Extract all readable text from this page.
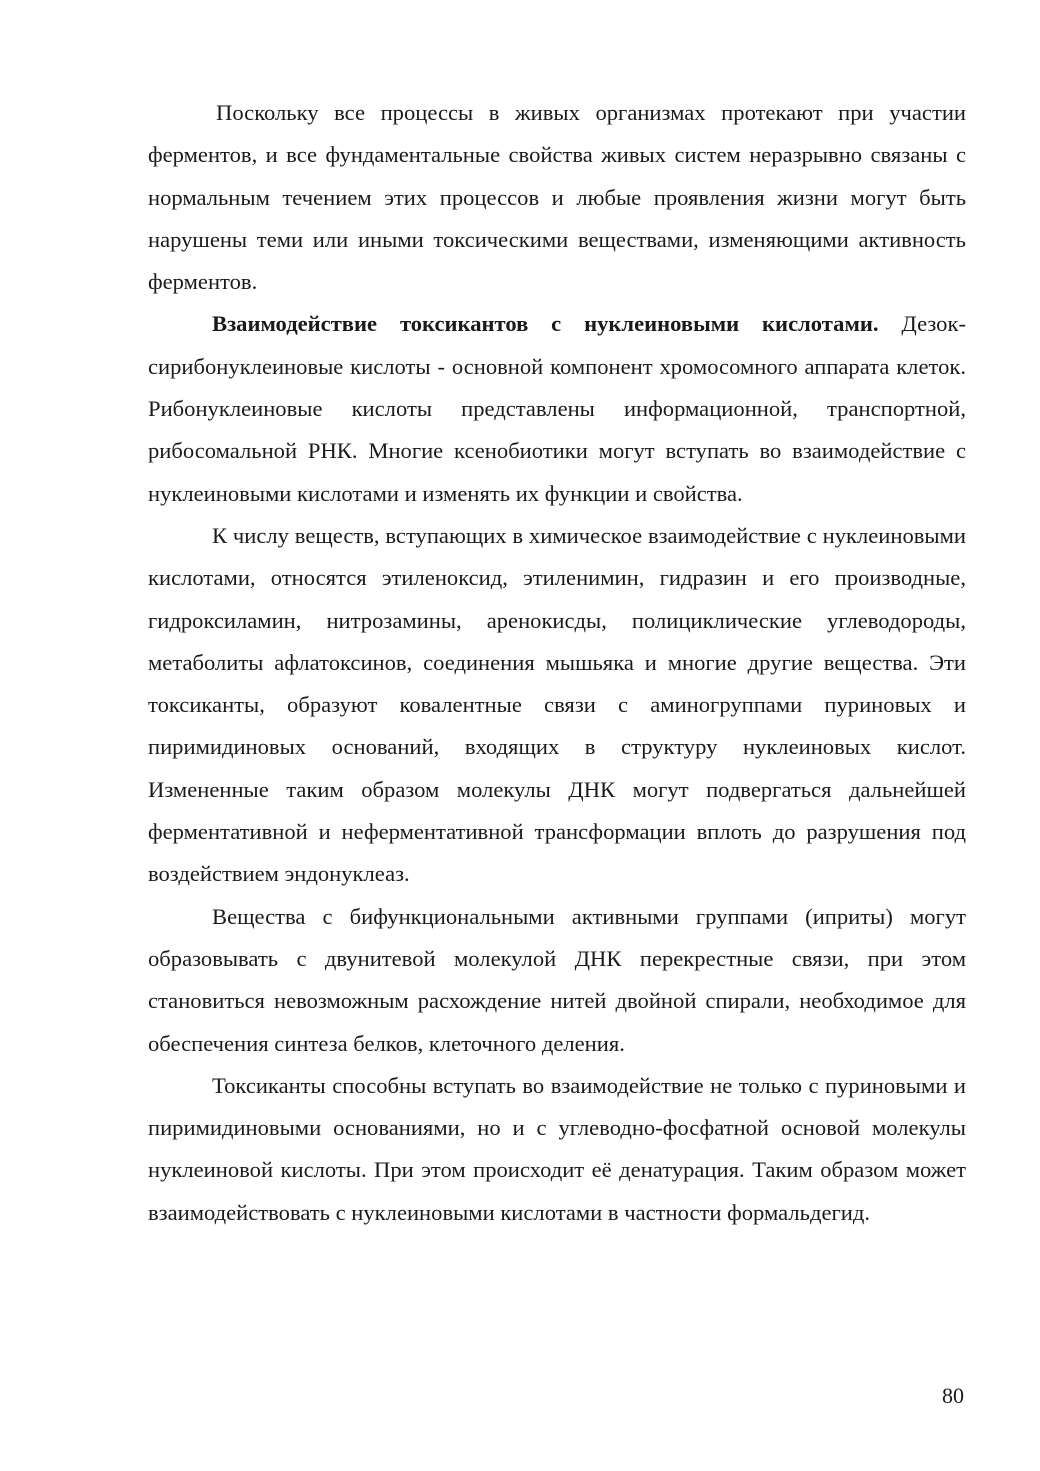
Поскольку все процессы в живых организмах протекают при участии ферментов, и все фундаментальные свойства живых систем неразрывно связаны с нормальным течением этих процессов и любые проявления жизни могут быть нарушены теми или иными токсическими веществами, изменяющими активность ферментов.

Взаимодействие токсикантов с нуклеиновыми кислотами. Дезоксирибонуклеиновые кислоты - основной компонент хромосомного аппарата клеток. Рибонуклеиновые кислоты представлены информационной, транспортной, рибосомальной РНК. Многие ксенобиотики могут вступать во взаимодействие с нуклеиновыми кислотами и изменять их функции и свойства.

К числу веществ, вступающих в химическое взаимодействие с нуклеиновыми кислотами, относятся этиленоксид, этиленимин, гидразин и его производные, гидроксиламин, нитрозамины, аренокисды, полициклические углеводороды, метаболиты афлатоксинов, соединения мышьяка и многие другие вещества. Эти токсиканты, образуют ковалентные связи с аминогруппами пуриновых и пиримидиновых оснований, входящих в структуру нуклеиновых кислот. Измененные таким образом молекулы ДНК могут подвергаться дальнейшей ферментативной и неферментативной трансформации вплоть до разрушения под воздействием эндонуклеаз.

Вещества с бифункциональными активными группами (иприты) могут образовывать с двунитевой молекулой ДНК перекрестные связи, при этом становиться невозможным расхождение нитей двойной спирали, необходимое для обеспечения синтеза белков, клеточного деления.

Токсиканты способны вступать во взаимодействие не только с пуриновыми и пиримидиновыми основаниями, но и с углеводно-фосфатной основой молекулы нуклеиновой кислоты. При этом происходит её денатурация. Таким образом может взаимодействовать с нуклеиновыми кислотами в частности формальдегид.

80
